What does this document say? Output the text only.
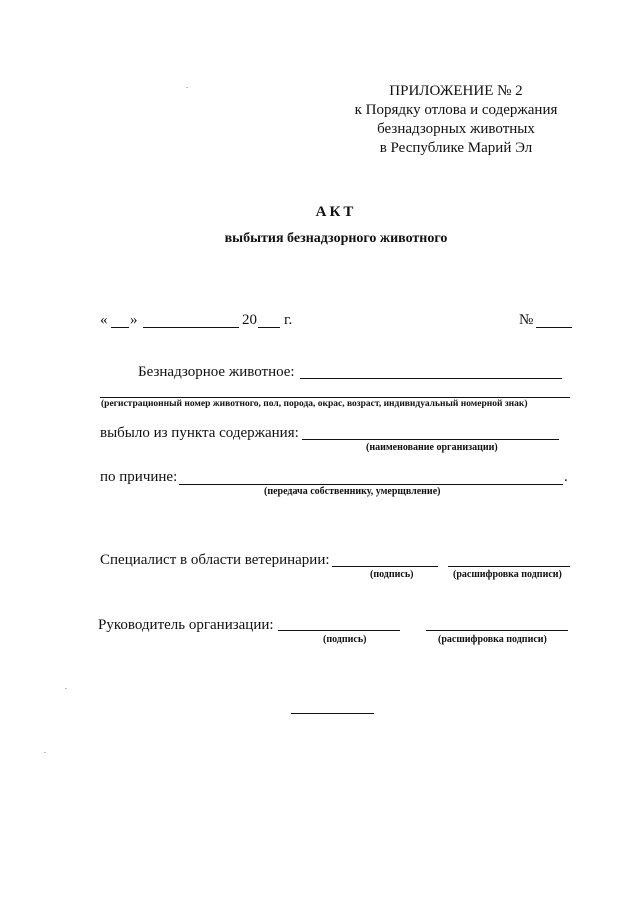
ПРИЛОЖЕНИЕ № 2
к Порядку отлова и содержания
безнадзорных животных
в Республике Марий Эл
АКТ
выбытия безнадзорного животного
« »	20 г.	№
Безнадзорное животное:
(регистрационный номер животного, пол, порода, окрас, возраст, индивидуальный номерной знак)
выбыло из пункта содержания:
(наименование организации)
по причине:	.
(передача собственнику, умерщвление)
Специалист в области ветеринарии:
(подпись)	(расшифровка подписи)
Руководитель организации:
(подпись)	(расшифровка подписи)
